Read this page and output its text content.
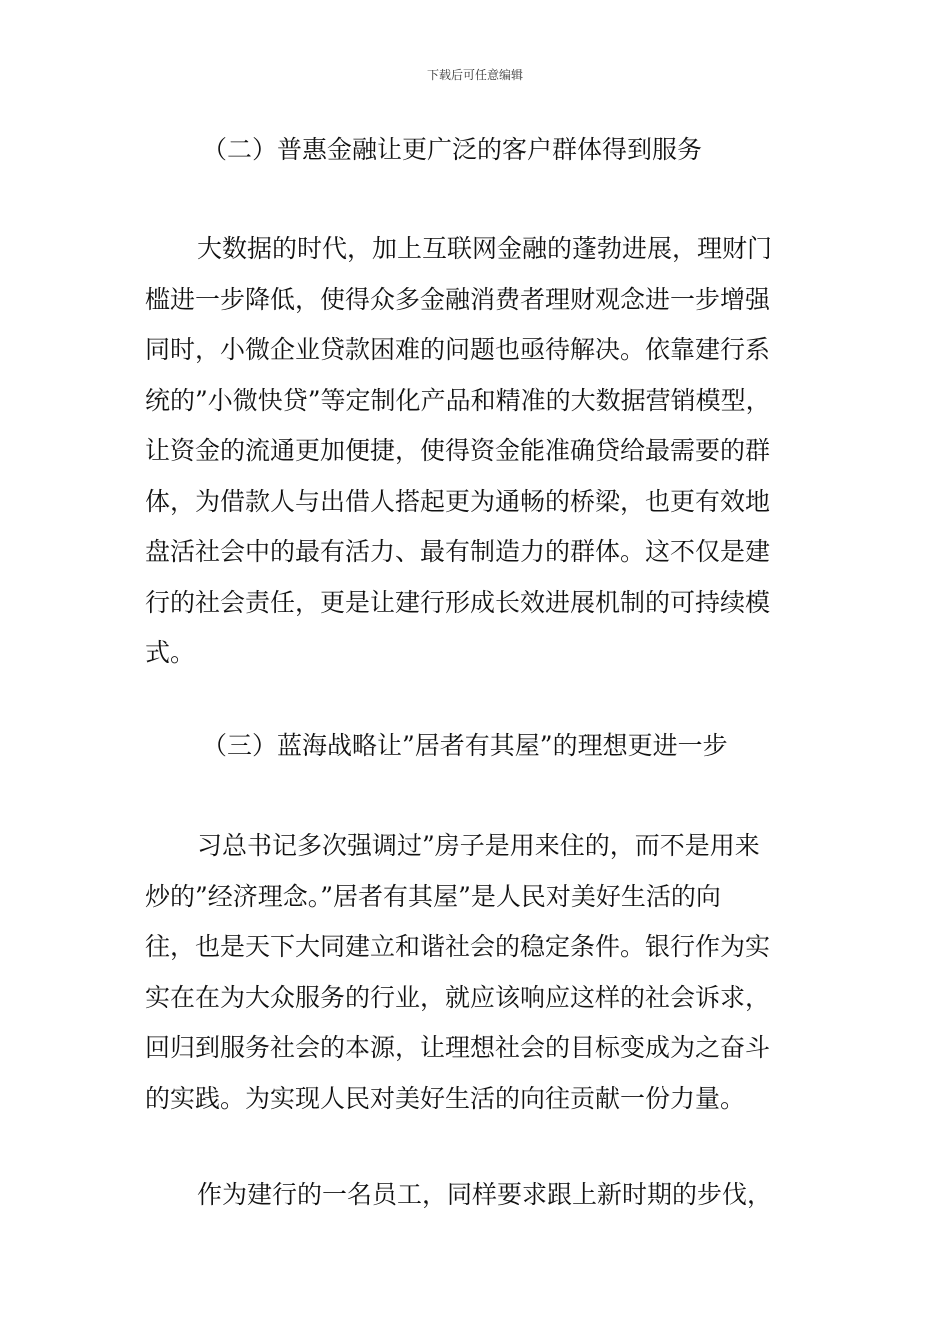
下载后可任意编辑
（二）普惠金融让更广泛的客户群体得到服务
大数据的时代，加上互联网金融的蓬勃进展，理财门
槛进一步降低，使得众多金融消费者理财观念进一步增强
同时，小微企业贷款困难的问题也亟待解决。依靠建行系
统的”小微快贷”等定制化产品和精准的大数据营销模型，
让资金的流通更加便捷，使得资金能准确贷给最需要的群
体，为借款人与出借人搭起更为通畅的桥梁，也更有效地
盘活社会中的最有活力、最有制造力的群体。这不仅是建
行的社会责任，更是让建行形成长效进展机制的可持续模
式。
（三）蓝海战略让”居者有其屋”的理想更进一步
习总书记多次强调过”房子是用来住的，而不是用来
炒的”经济理念。”居者有其屋”是人民对美好生活的向
往，也是天下大同建立和谐社会的稳定条件。银行作为实
实在在为大众服务的行业，就应该响应这样的社会诉求，
回归到服务社会的本源，让理想社会的目标变成为之奋斗
的实践。为实现人民对美好生活的向往贡献一份力量。
作为建行的一名员工，同样要求跟上新时期的步伐，
